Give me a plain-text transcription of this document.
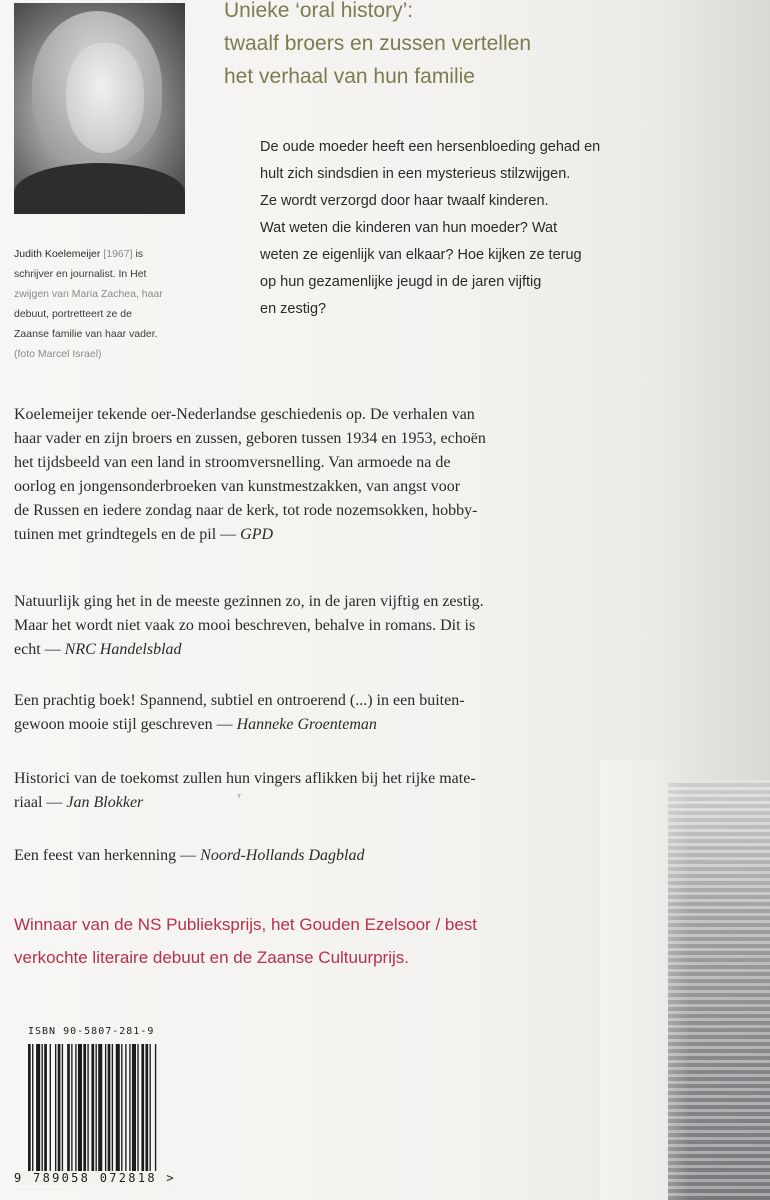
Judith Koelemeijer [1967] is
schrijver en journalist. In Het
zwijgen van Maria Zachea, haar
debuut, portretteert ze de
Zaanse familie van haar vader.
(foto Marcel Israel)
Unieke ‘oral history’:
twaalf broers en zussen vertellen
het verhaal van hun familie
De oude moeder heeft een hersenbloeding gehad en
hult zich sindsdien in een mysterieus stilzwijgen.
Ze wordt verzorgd door haar twaalf kinderen.
Wat weten die kinderen van hun moeder? Wat
weten ze eigenlijk van elkaar? Hoe kijken ze terug
op hun gezamenlijke jeugd in de jaren vijftig
en zestig?
Koelemeijer tekende oer-Nederlandse geschiedenis op. De verhalen van
haar vader en zijn broers en zussen, geboren tussen 1934 en 1953, echoën
het tijdsbeeld van een land in stroomversnelling. Van armoede na de
oorlog en jongensonderbroeken van kunstmestzakken, van angst voor
de Russen en iedere zondag naar de kerk, tot rode nozemsokken, hobby-
tuinen met grindtegels en de pil — GPD
Natuurlijk ging het in de meeste gezinnen zo, in de jaren vijftig en zestig.
Maar het wordt niet vaak zo mooi beschreven, behalve in romans. Dit is
echt — NRC Handelsblad
Een prachtig boek! Spannend, subtiel en ontroerend (...) in een buiten-
gewoon mooie stijl geschreven — Hanneke Groenteman
Historici van de toekomst zullen hun vingers aflikken bij het rijke mate-
riaal — Jan Blokker
Een feest van herkenning — Noord-Hollands Dagblad
ʳ
Winnaar van de NS Publieksprijs, het Gouden Ezelsoor / best
verkochte literaire debuut en de Zaanse Cultuurprijs.
ISBN 90-5807-281-9
9 789058 072818 >
